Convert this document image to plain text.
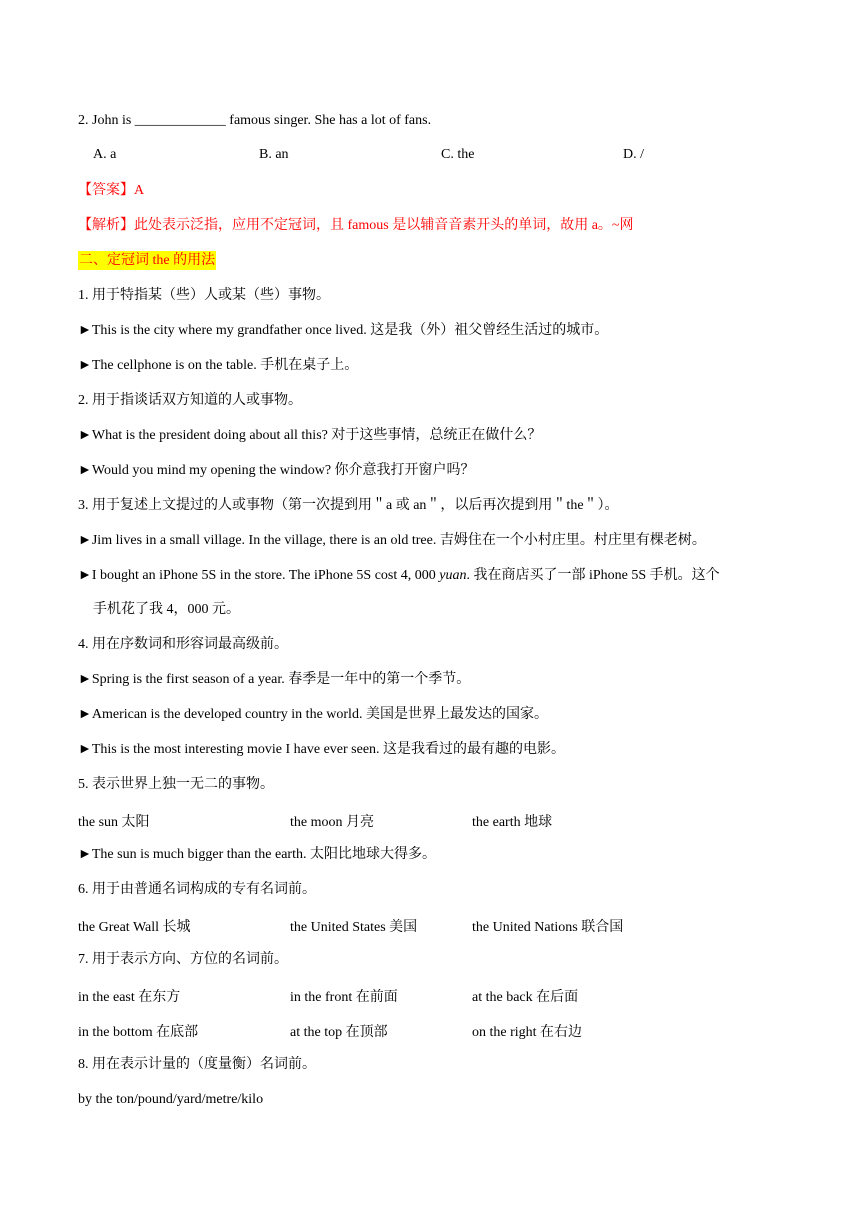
2. John is _____________ famous singer. She has a lot of fans.
A. a	B. an	C. the	D. /
【答案】A
【解析】此处表示泛指，应用不定冠词，且 famous 是以辅音音素开头的单词，故用 a。~网
二、定冠词 the 的用法
1. 用于特指某（些）人或某（些）事物。
►This is the city where my grandfather once lived. 这是我（外）祖父曾经生活过的城市。
►The cellphone is on the table. 手机在桌子上。
2. 用于指谈话双方知道的人或事物。
►What is the president doing about all this? 对于这些事情，总统正在做什么？
►Would you mind my opening the window? 你介意我打开窗户吗？
3. 用于复述上文提过的人或事物（第一次提到用＂a 或 an＂，以后再次提到用＂the＂）。
►Jim lives in a small village. In the village, there is an old tree. 吉姆住在一个小村庄里。村庄里有棵老树。
►I bought an iPhone 5S in the store. The iPhone 5S cost 4, 000 yuan. 我在商店买了一部 iPhone 5S 手机。这个
手机花了我 4，000 元。
4. 用在序数词和形容词最高级前。
►Spring is the first season of a year. 春季是一年中的第一个季节。
►American is the developed country in the world. 美国是世界上最发达的国家。
►This is the most interesting movie I have ever seen. 这是我看过的最有趣的电影。
5. 表示世界上独一无二的事物。
the sun 太阳	the moon 月亮	the earth 地球
►The sun is much bigger than the earth. 太阳比地球大得多。
6. 用于由普通名词构成的专有名词前。
the Great Wall 长城	the United States 美国	the United Nations 联合国
7. 用于表示方向、方位的名词前。
in the east 在东方	in the front 在前面	at the back 在后面
in the bottom 在底部	at the top 在顶部	on the right 在右边
8. 用在表示计量的（度量衡）名词前。
by the ton/pound/yard/metre/kilo
